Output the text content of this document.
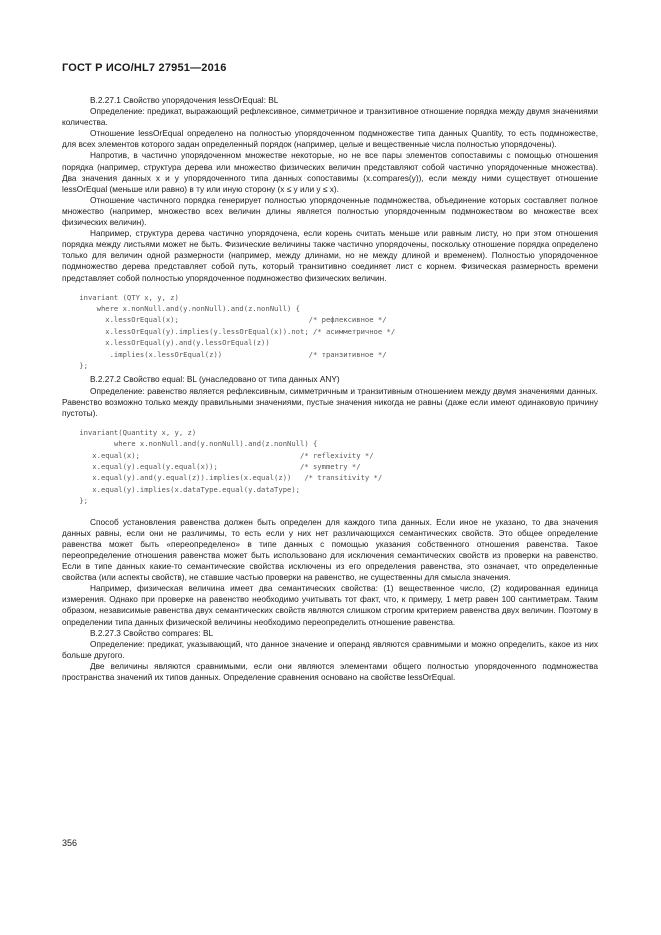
ГОСТ Р ИСО/HL7 27951—2016

B.2.27.1 Свойство упорядочения lessOrEqual: BL

Определение: предикат, выражающий рефлексивное, симметричное и транзитивное отношение порядка между двумя значениями количества.

Отношение lessOrEqual определено на полностью упорядоченном подмножестве типа данных Quantity, то есть подмножестве, для всех элементов которого задан определенный порядок (например, целые и вещественные числа полностью упорядочены).

Напротив, в частично упорядоченном множестве некоторые, но не все пары элементов сопоставимы с помощью отношения порядка (например, структура дерева или множество физических величин представляют собой частично упорядоченные множества). Два значения данных x и y упорядоченного типа данных сопоставимы (x.compares(y)), если между ними существует отношение lessOrEqual (меньше или равно) в ту или иную сторону (x ≤ y или y ≤ x).

Отношение частичного порядка генерирует полностью упорядоченные подмножества, объединение которых составляет полное множество (например, множество всех величин длины является полностью упорядоченным подмножеством во множестве всех физических величин).

Например, структура дерева частично упорядочена, если корень считать меньше или равным листу, но при этом отношения порядка между листьями может не быть. Физические величины также частично упорядочены, поскольку отношение порядка определено только для величин одной размерности (например, между длинами, но не между длиной и временем). Полностью упорядоченное подмножество дерева представляет собой путь, который транзитивно соединяет лист с корнем. Физическая размерность времени представляет собой полностью упорядоченное подмножество физических величин.

invariant (QTY x, y, z)
where x.nonNull.and(y.nonNull).and(z.nonNull) {
x.lessOrEqual(x);                              /* рефлексивное */
x.lessOrEqual(y).implies(y.lessOrEqual(x)).not; /* асимметричное */
x.lessOrEqual(y).and(y.lessOrEqual(z))
.implies(x.lessOrEqual(z))                    /* транзитивное */
};

B.2.27.2 Свойство equal: BL (унаследовано от типа данных ANY)

Определение: равенство является рефлексивным, симметричным и транзитивным отношением между двумя значениями данных. Равенство возможно только между правильными значениями, пустые значения никогда не равны (даже если имеют одинаковую причину пустоты).

invariant(Quantity x, y, z)
where x.nonNull.and(y.nonNull).and(z.nonNull) {
x.equal(x);                                     /* reflexivity */
x.equal(y).equal(y.equal(x));                   /* symmetry */
x.equal(y).and(y.equal(z)).implies(x.equal(z))   /* transitivity */
x.equal(y).implies(x.dataType.equal(y.dataType);
};

Способ установления равенства должен быть определен для каждого типа данных. Если иное не указано, то два значения данных равны, если они не различимы, то есть если у них нет различающихся семантических свойств. Это общее определение равенства может быть «переопределено» в типе данных с помощью указания собственного отношения равенства. Такое переопределение отношения равенства может быть использовано для исключения семантических свойств из проверки на равенство. Если в типе данных какие-то семантические свойства исключены из его определения равенства, это означает, что определенные свойства (или аспекты свойств), не ставшие частью проверки на равенство, не существенны для смысла значения.

Например, физическая величина имеет два семантических свойства: (1) вещественное число, (2) кодированная единица измерения. Однако при проверке на равенство необходимо учитывать тот факт, что, к примеру, 1 метр равен 100 сантиметрам. Таким образом, независимые равенства двух семантических свойств являются слишком строгим критерием равенства двух величин. Поэтому в определении типа данных физической величины необходимо переопределить отношение равенства.

B.2.27.3 Свойство compares: BL

Определение: предикат, указывающий, что данное значение и операнд являются сравнимыми и можно определить, какое из них больше другого.

Две величины являются сравнимыми, если они являются элементами общего полностью упорядоченного подмножества пространства значений их типов данных. Определение сравнения основано на свойстве lessOrEqual.

356
